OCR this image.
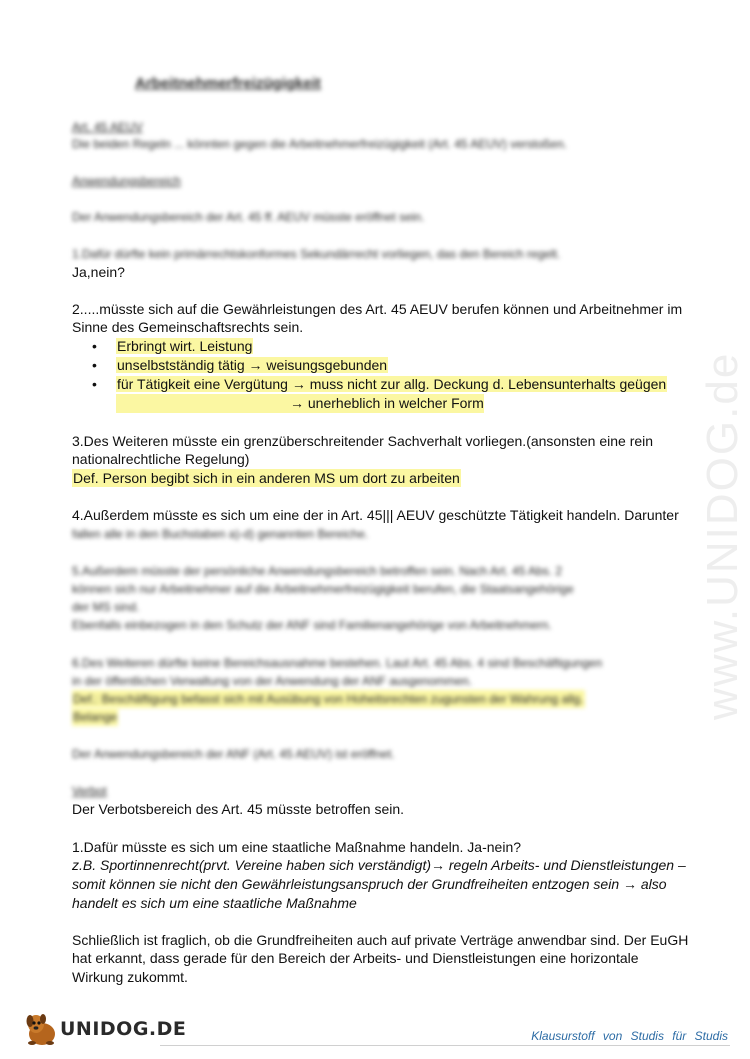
www.UNIDOG.de
Arbeitnehmerfreizügigkeit
Art. 45 AEUV
Die beiden Regeln ... könnten gegen die Arbeitnehmerfreizügigkeit (Art. 45 AEUV) verstoßen.
Anwendungsbereich
Der Anwendungsbereich der Art. 45 ff. AEUV müsste eröffnet sein.
1.Dafür dürfte kein primärrechtskonformes Sekundärrecht vorliegen, das den Bereich regelt.
Ja,nein?
2.....müsste sich auf die Gewährleistungen des Art. 45 AEUV berufen können und Arbeitnehmer im
Sinne des Gemeinschaftsrechts sein.
• Erbringt wirt. Leistung
• unselbstständig tätig → weisungsgebunden
• für Tätigkeit eine Vergütung → muss nicht zur allg. Deckung d. Lebensunterhalts geügen
→ unerheblich in welcher Form
3.Des Weiteren müsste ein grenzüberschreitender Sachverhalt vorliegen.(ansonsten eine rein
nationalrechtliche Regelung)
Def. Person begibt sich in ein anderen MS um dort zu arbeiten
4.Außerdem müsste es sich um eine der in Art. 45||| AEUV geschützte Tätigkeit handeln. Darunter
fallen alle in den Buchstaben a)-d) genannten Bereiche.
5.Außerdem müsste der persönliche Anwendungsbereich betroffen sein. Nach Art. 45 Abs. 2
können sich nur Arbeitnehmer auf die Arbeitnehmerfreizügigkeit berufen, die Staatsangehörige
der MS sind.
Ebenfalls einbezogen in den Schutz der ANF sind Familienangehörige von Arbeitnehmern.
6.Des Weiteren dürfte keine Bereichsausnahme bestehen. Laut Art. 45 Abs. 4 sind Beschäftigungen
in der öffentlichen Verwaltung von der Anwendung der ANF ausgenommen.
Def.: Beschäftigung befasst sich mit Ausübung von Hoheitsrechten zugunsten der Wahrung allg.
Belange
Der Anwendungsbereich der ANF (Art. 45 AEUV) ist eröffnet.
Verbot
Der Verbotsbereich des Art. 45 müsste betroffen sein.
1.Dafür müsste es sich um eine staatliche Maßnahme handeln. Ja-nein?
z.B. Sportinnenrecht(prvt. Vereine haben sich verständigt)→ regeln Arbeits- und Dienstleistungen –
somit können sie nicht den Gewährleistungsanspruch der Grundfreiheiten entzogen sein → also
handelt es sich um eine staatliche Maßnahme
Schließlich ist fraglich, ob die Grundfreiheiten auch auf private Verträge anwendbar sind. Der EuGH
hat erkannt, dass gerade für den Bereich der Arbeits- und Dienstleistungen eine horizontale
Wirkung zukommt.
UNIDOG.DE	Klausurstoff von Studis für Studis
